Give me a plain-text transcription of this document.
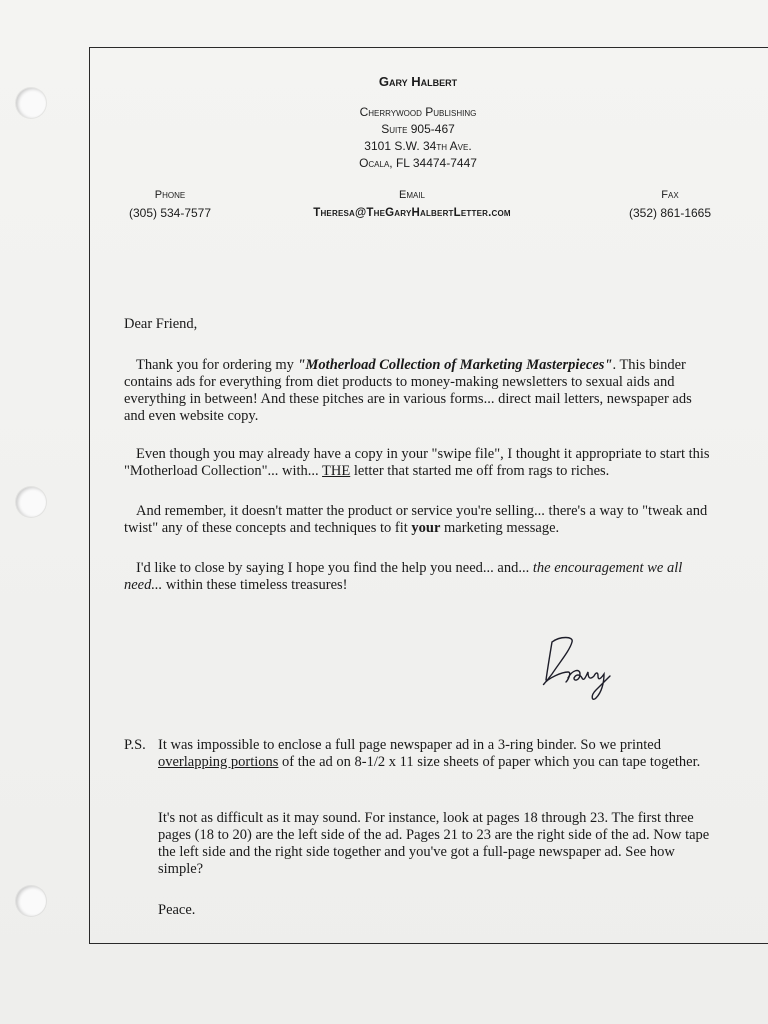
Gary Halbert
Cherrywood Publishing
Suite 905-467
3101 S.W. 34th Ave.
Ocala, FL 34474-7447
Phone
(305) 534-7577
Email
Theresa@TheGaryHalbertLetter.com
Fax
(352) 861-1665
Dear Friend,
Thank you for ordering my "Motherload Collection of Marketing Masterpieces". This binder contains ads for everything from diet products to money-making newsletters to sexual aids and everything in between! And these pitches are in various forms... direct mail letters, newspaper ads and even website copy.
Even though you may already have a copy in your "swipe file", I thought it appropriate to start this "Motherload Collection"... with... THE letter that started me off from rags to riches.
And remember, it doesn't matter the product or service you're selling... there's a way to "tweak and twist" any of these concepts and techniques to fit your marketing message.
I'd like to close by saying I hope you find the help you need... and... the encouragement we all need... within these timeless treasures!
P.S. It was impossible to enclose a full page newspaper ad in a 3-ring binder. So we printed overlapping portions of the ad on 8-1/2 x 11 size sheets of paper which you can tape together.
It's not as difficult as it may sound. For instance, look at pages 18 through 23. The first three pages (18 to 20) are the left side of the ad. Pages 21 to 23 are the right side of the ad. Now tape the left side and the right side together and you've got a full-page newspaper ad. See how simple?
Peace.
